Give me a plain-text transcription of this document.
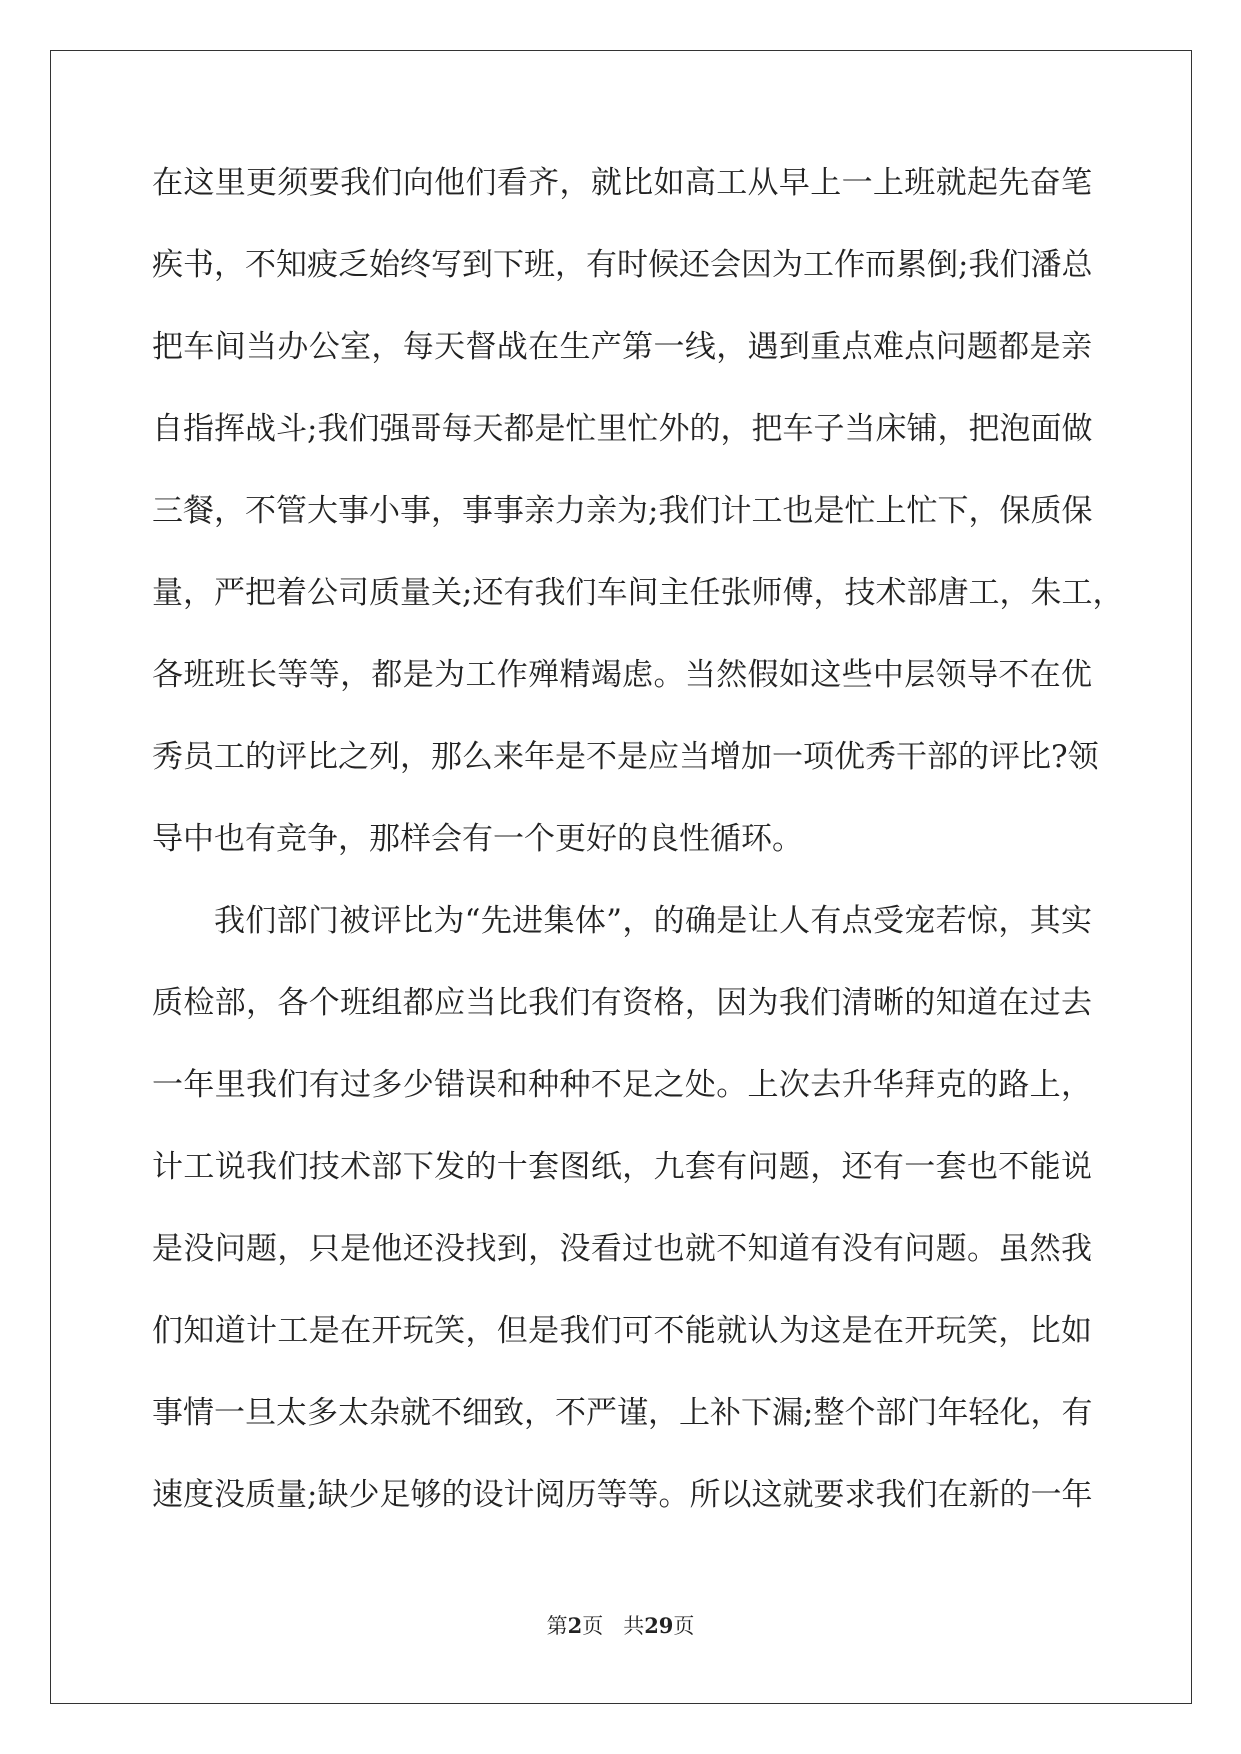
在这里更须要我们向他们看齐，就比如高工从早上一上班就起先奋笔
疾书，不知疲乏始终写到下班，有时候还会因为工作而累倒;我们潘总
把车间当办公室，每天督战在生产第一线，遇到重点难点问题都是亲
自指挥战斗;我们强哥每天都是忙里忙外的，把车子当床铺，把泡面做
三餐，不管大事小事，事事亲力亲为;我们计工也是忙上忙下，保质保
量，严把着公司质量关;还有我们车间主任张师傅，技术部唐工，朱工，
各班班长等等，都是为工作殚精竭虑。当然假如这些中层领导不在优
秀员工的评比之列，那么来年是不是应当增加一项优秀干部的评比?领
导中也有竞争，那样会有一个更好的良性循环。
我们部门被评比为“先进集体”，的确是让人有点受宠若惊，其实
质检部，各个班组都应当比我们有资格，因为我们清晰的知道在过去
一年里我们有过多少错误和种种不足之处。上次去升华拜克的路上，
计工说我们技术部下发的十套图纸，九套有问题，还有一套也不能说
是没问题，只是他还没找到，没看过也就不知道有没有问题。虽然我
们知道计工是在开玩笑，但是我们可不能就认为这是在开玩笑，比如
事情一旦太多太杂就不细致，不严谨，上补下漏;整个部门年轻化，有
速度没质量;缺少足够的设计阅历等等。所以这就要求我们在新的一年
第2页 共29页
